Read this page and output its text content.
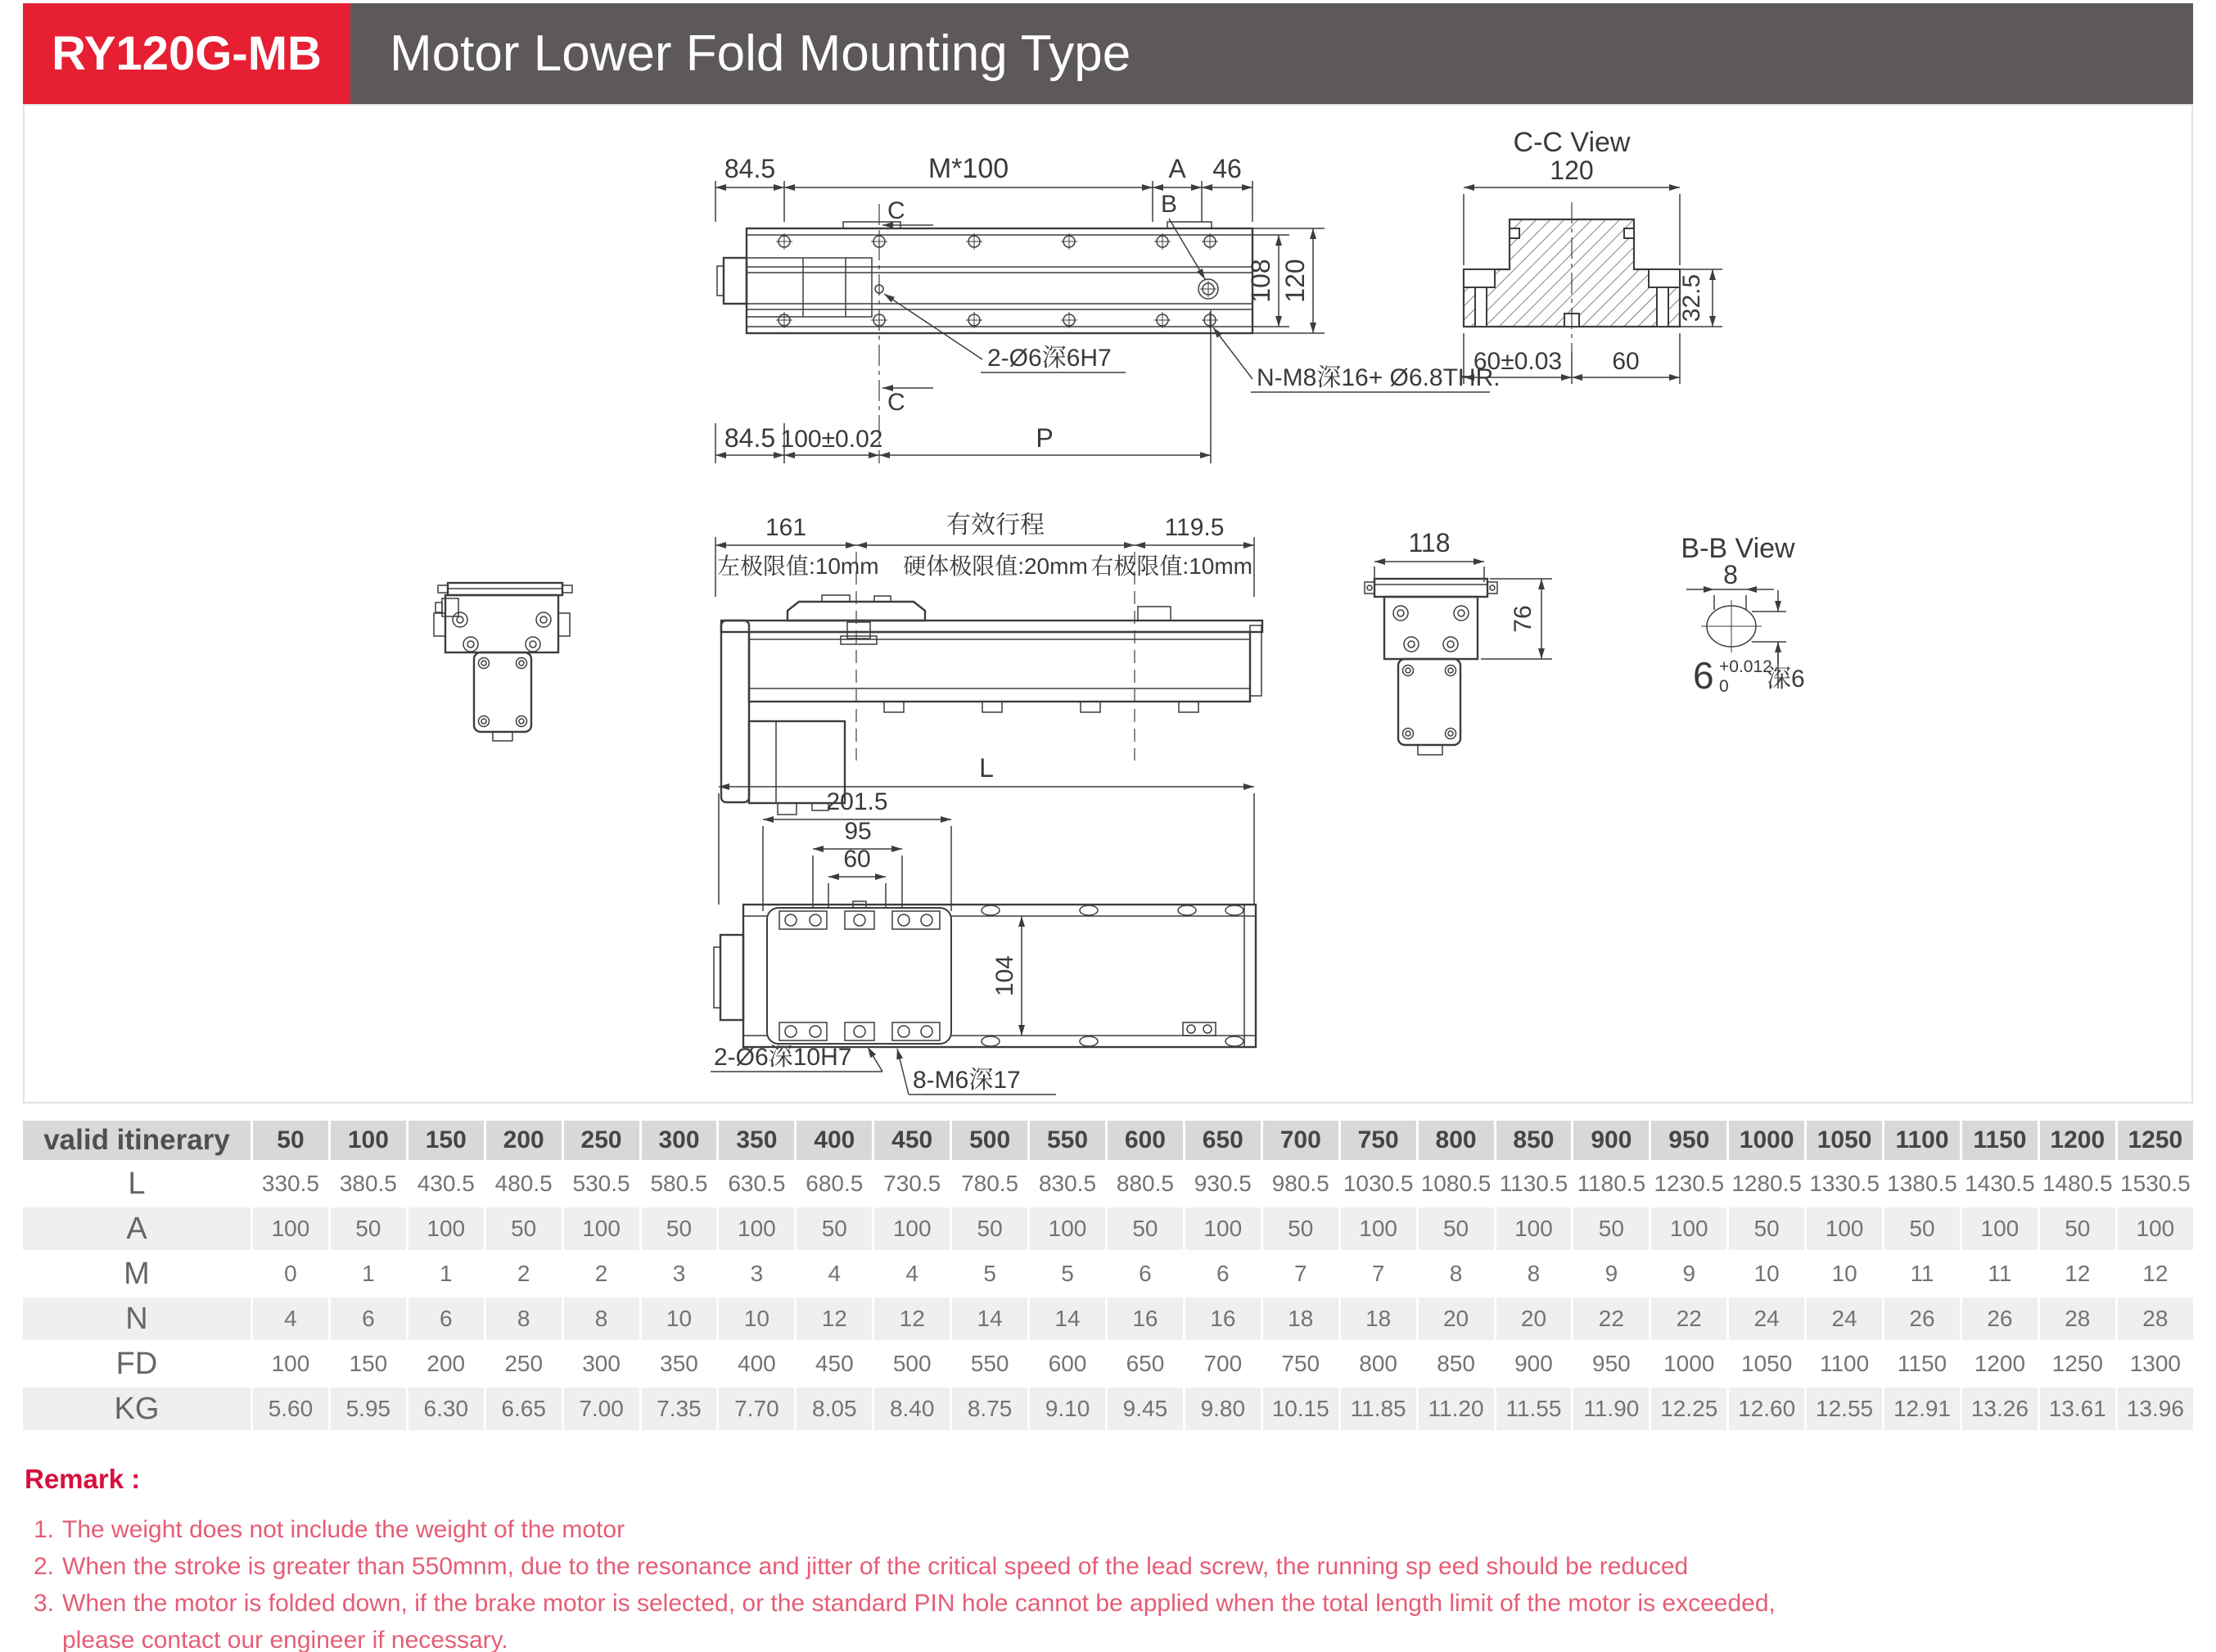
RY120G-MB	Motor Lower Fold Mounting Type
84.5	M*100	A 46
C
C
B
2-Ø6深6H7
N-M8深16+ Ø6.8THR.
108 120
84.5 100±0.02	P
C-C View
120
32.5
60±0.03 60
161	有效行程	119.5
左极限值:10mm 硬体极限值:20mm 右极限值:10mm
118
76
B-B View
8
6 +0.012
0 深6
L
201.5
95
60
104
2-Ø6深10H7
8-M6深17
valid itinerary	50	100	150	200	250	300	350	400	450	500	550	600	650	700	750	800	850	900	950	1000	1050	1100	1150	1200	1250
L	330.5	380.5	430.5	480.5	530.5	580.5	630.5	680.5	730.5	780.5	830.5	880.5	930.5	980.5	1030.5	1080.5	1130.5	1180.5	1230.5	1280.5	1330.5	1380.5	1430.5	1480.5	1530.5
A	100	50	100	50	100	50	100	50	100	50	100	50	100	50	100	50	100	50	100	50	100	50	100	50	100
M	0	1	1	2	2	3	3	4	4	5	5	6	6	7	7	8	8	9	9	10	10	11	11	12	12
N	4	6	6	8	8	10	10	12	12	14	14	16	16	18	18	20	20	22	22	24	24	26	26	28	28
FD	100	150	200	250	300	350	400	450	500	550	600	650	700	750	800	850	900	950	1000	1050	1100	1150	1200	1250	1300
KG	5.60	5.95	6.30	6.65	7.00	7.35	7.70	8.05	8.40	8.75	9.10	9.45	9.80	10.15	11.85	11.20	11.55	11.90	12.25	12.60	12.55	12.91	13.26	13.61	13.96
Remark :
1. The weight does not include the weight of the motor
2. When the stroke is greater than 550mnm, due to the resonance and jitter of the critical speed of the lead screw, the running sp eed should be reduced
3. When the motor is folded down, if the brake motor is selected, or the standard PIN hole cannot be applied when the total length limit of the motor is exceeded,
please contact our engineer if necessary.
